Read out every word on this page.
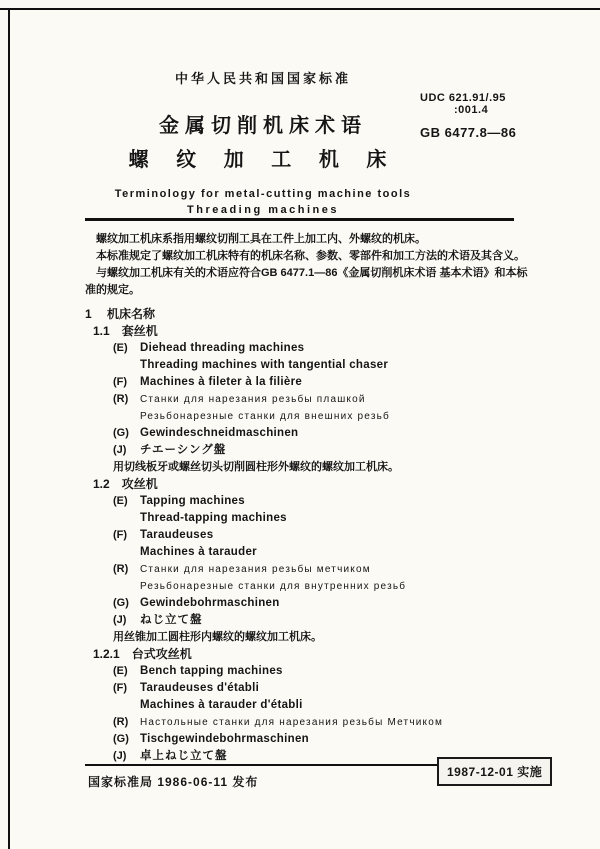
中华人民共和国国家标准
金属切削机床术语
螺 纹 加 工 机 床
Terminology for metal-cutting machine tools
Threading machines
UDC 621.91/.95
:001.4
GB 6477.8—86

螺纹加工机床系指用螺纹切削工具在工件上加工内、外螺纹的机床。

本标准规定了螺纹加工机床特有的机床名称、参数、零部件和加工方法的术语及其含义。

与螺纹加工机床有关的术语应符合GB 6477.1—86《金属切削机床术语 基本术语》和本标准的规定。

1 机床名称
1.1 套丝机
(E) Diehead threading machines
Threading machines with tangential chaser
(F) Machines à fileter à la filière
(R) Станки для нарезания резьбы плашкой
Резьбонарезные станки для внешних резьб
(G) Gewindeschneidmaschinen
(J) チエーシング盤
用切线板牙或螺丝切头切削圆柱形外螺纹的螺纹加工机床。
1.2 攻丝机
(E) Tapping machines
Thread-tapping machines
(F) Taraudeuses
Machines à tarauder
(R) Станки для нарезания резьбы метчиком
Резьбонарезные станки для внутренних резьб
(G) Gewindebohrmaschinen
(J) ねじ立て盤
用丝锥加工圆柱形内螺纹的螺纹加工机床。
1.2.1 台式攻丝机
(E) Bench tapping machines
(F) Taraudeuses d'établi
Machines à tarauder d'établi
(R) Настольные станки для нарезания резьбы Метчиком
(G) Tischgewindebohrmaschinen
(J) 卓上ねじ立て盤
国家标准局 1986-06-11 发布
1987-12-01 实施
